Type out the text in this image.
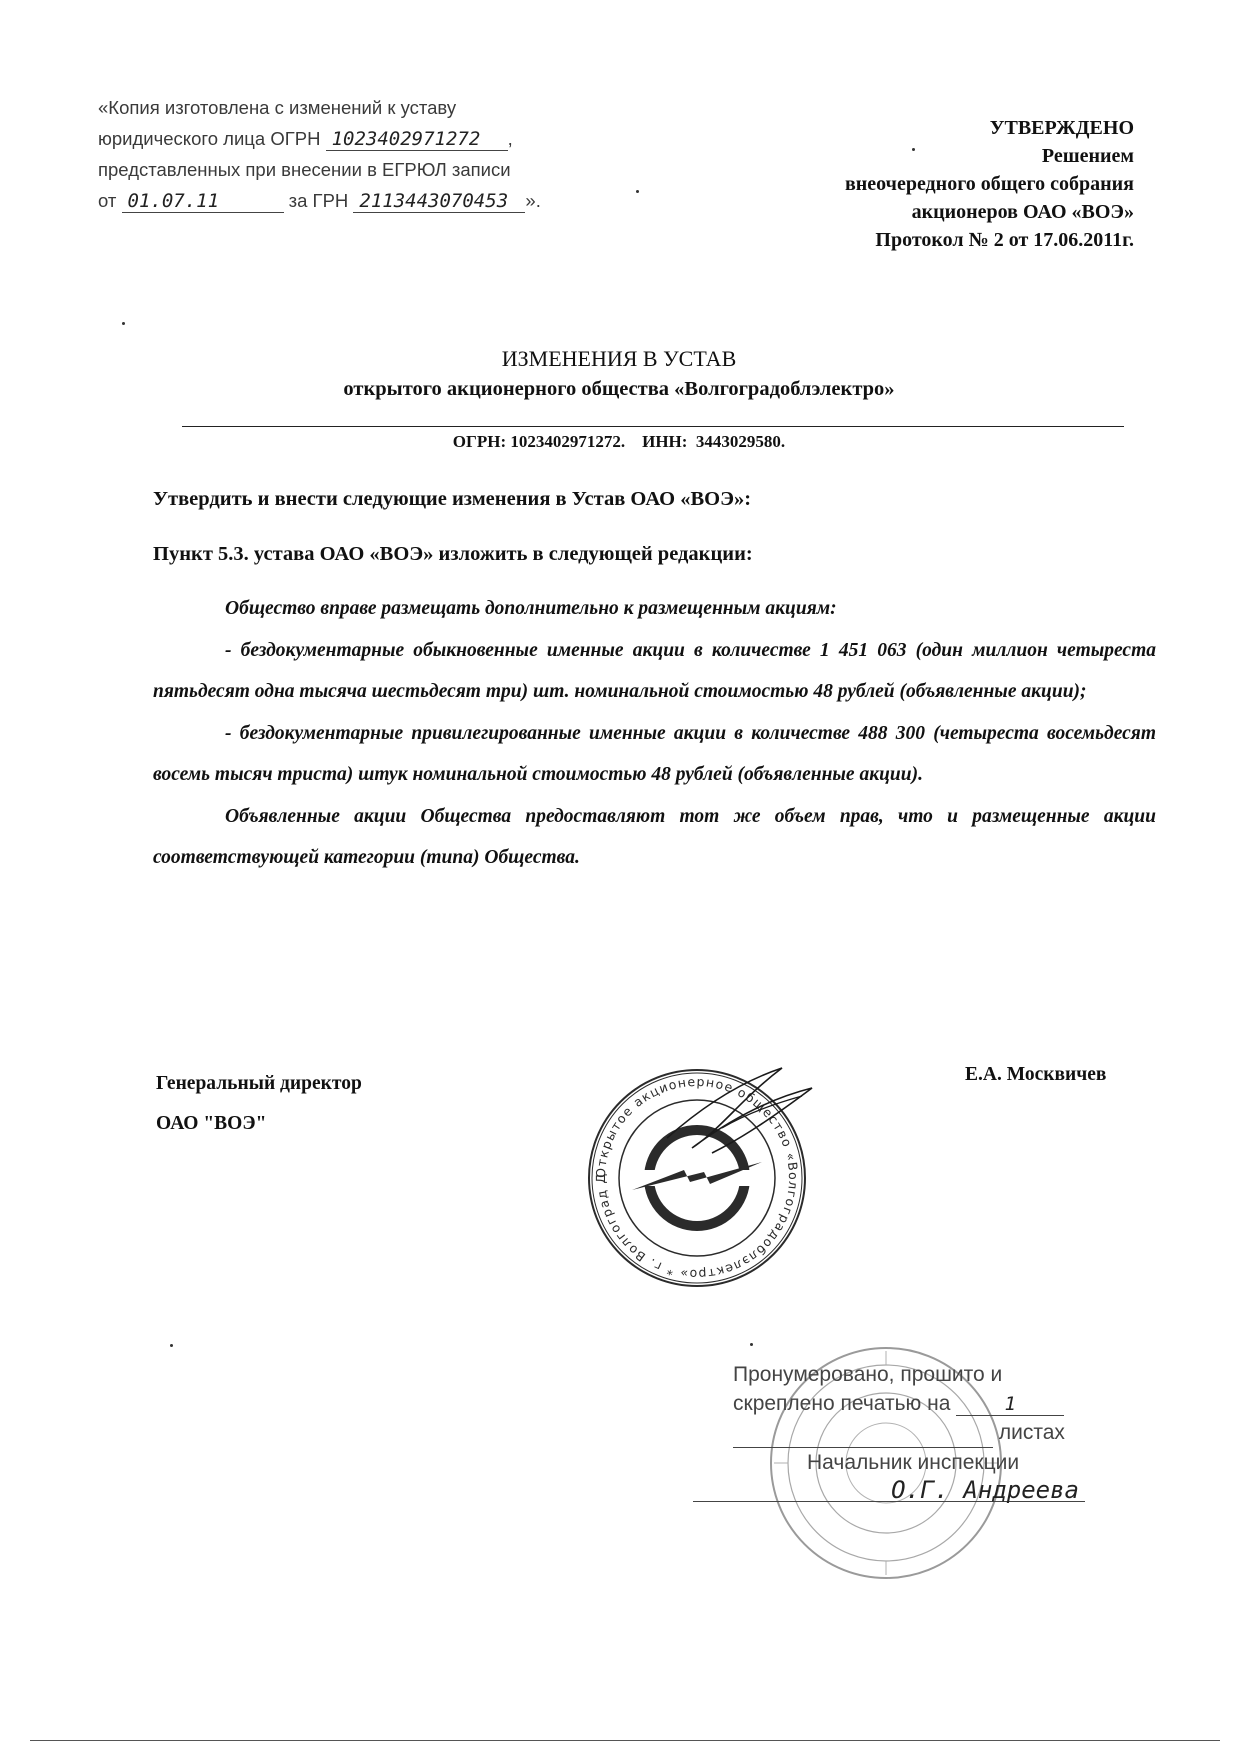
«Копия изготовлена с изменений к уставу
юридического лица ОГРН 1023402971272 ,
представленных при внесении в ЕГРЮЛ записи
от 01.07.11	за ГРН 2113443070453 ».
УТВЕРЖДЕНО
Решением
внеочередного общего собрания
акционеров ОАО «ВОЭ»
Протокол № 2 от 17.06.2011г.
ИЗМЕНЕНИЯ В УСТАВ
открытого акционерного общества «Волгоградоблэлектро»
ОГРН: 1023402971272.    ИНН:  3443029580.
Утвердить и внести следующие изменения в Устав ОАО «ВОЭ»:
Пункт 5.3. устава ОАО «ВОЭ» изложить в следующей редакции:

Общество вправе размещать дополнительно к размещенным акциям:

- бездокументарные обыкновенные именные акции в количестве 1 451 063 (один миллион четыреста пятьдесят одна тысяча шестьдесят три) шт. номинальной стоимостью 48 рублей (объявленные акции);

- бездокументарные привилегированные именные акции в количестве 488 300 (четыреста восемьдесят восемь тысяч триста) штук номинальной стоимостью 48 рублей (объявленные акции).

Объявленные акции Общества предоставляют тот же объем прав, что и размещенные акции соответствующей категории (типа) Общества.

Генеральный директор
ОАО "ВОЭ"
Е.А. Москвичев
Открытое акционерное общество «Волгоградоблэлектро» * г. Волгоград Д
Пронумеровано, прошито и
скреплено печатью на	1
листах
Начальник инспекции
О.Г. Андреева
